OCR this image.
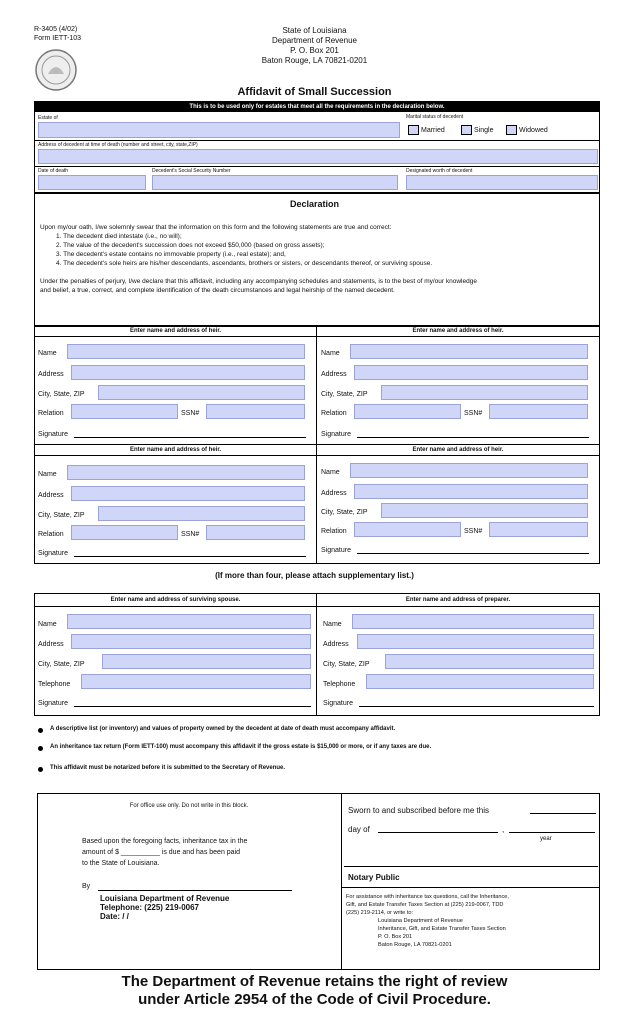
R-3405 (4/02)
Form IETT-103
State of Louisiana
Department of Revenue
P. O. Box 201
Baton Rouge, LA 70821-0201
Affidavit of Small Succession
This is to be used only for estates that meet all the requirements in the declaration below.
Estate of	Marital status of decedent
Married	Single	Widowed
Address of decedent at time of death (number and street, city, state,ZIP)
Date of death	Decedent's Social Security Number	Designated worth of decedent
Declaration
Upon my/our oath, I/we solemnly swear that the information on this form and the following statements are true and correct:
1. The decedent died intestate (i.e., no will);
2. The value of the decedent's succession does not exceed $50,000 (based on gross assets);
3. The decedent's estate contains no immovable property (i.e., real estate); and,
4. The decedent's sole heirs are his/her descendants, ascendants, brothers or sisters, or descendants thereof, or surviving spouse.
Under the penalties of perjury, I/we declare that this affidavit, including any accompanying schedules and statements, is to the best of my/our knowledge
and belief, a true, correct, and complete identification of the death circumstances and legal heirship of the named decedent.
Enter name and address of heir.
Name
Address
City, State, ZIP
Relation	SSN#
Signature
Enter name and address of heir.
Name
Address
City, State, ZIP
Relation	SSN#
Signature
Enter name and address of heir.
Name
Address
City, State, ZIP
Relation	SSN#
Signature
Enter name and address of heir.
Name
Address
City, State, ZIP
Relation	SSN#
Signature
(If more than four, please attach supplementary list.)
Enter name and address of surviving spouse.
Name
Address
City, State, ZIP
Telephone
Signature
Enter name and address of preparer.
Name
Address
City, State, ZIP
Telephone
Signature
A descriptive list (or inventory) and values of property owned by the decedent at date of death must accompany affidavit.
An inheritance tax return (Form IETT-100) must accompany this affidavit if the gross estate is $15,000 or more, or if any taxes are due.
This affidavit must be notarized before it is submitted to the Secretary of Revenue.
For office use only. Do not write in this block.
Based upon the foregoing facts, inheritance tax in the
amount of $ __________ is due and has been paid
to the State of Louisiana.
By
Louisiana Department of Revenue
Telephone: (225) 219-0067
Date: / /
Sworn to and subscribed before me this
day of	,
year
Notary Public
For assistance with inheritance tax questions, call the Inheritance,
Gift, and Estate Transfer Taxes Section at (225) 219-0067, TDD
(225) 219-2114, or write to:
Louisiana Department of Revenue
Inheritance, Gift, and Estate Transfer Taxes Section
P. O. Box 201
Baton Rouge, LA 70821-0201
The Department of Revenue retains the right of review
under Article 2954 of the Code of Civil Procedure.
